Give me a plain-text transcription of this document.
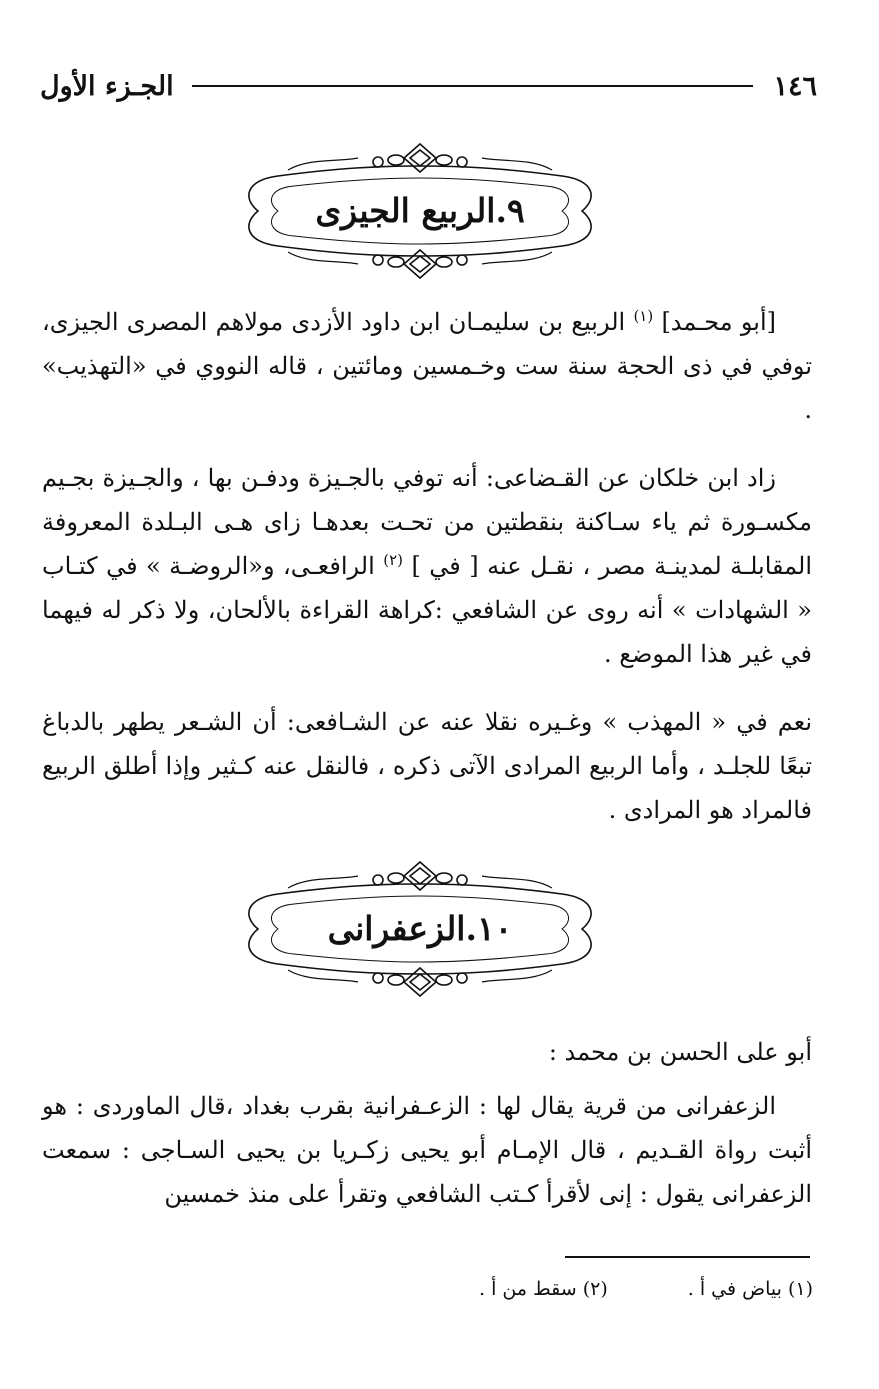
١٤٦
الجـزء الأول
٩.الربيع الجيزى

[أبو محـمد] $^{(١)}$ الربيع بن سليمـان ابن داود الأزدى مولاهم المصرى الجيزى، توفي في ذى الحجة سنة ست وخـمسين ومائتين ، قاله النووي في «التهذيب» .

زاد ابن خلكان عن القـضاعى: أنه توفي بالجـيزة ودفـن بها ، والجـيزة بجـيم مكسـورة ثم ياء سـاكنة بنقطتين من تحـت بعدهـا زاى هـى البـلدة المعروفة المقابلـة لمدينـة مصر ، نقـل عنه [ في ] $^{(٢)}$ الرافعـى، و«الروضـة » في كتـاب « الشهادات » أنه روى عن الشافعي :كراهة القراءة بالألحان، ولا ذكر له فيهما في غير هذا الموضع .

نعم في « المهذب » وغـيره نقلا عنه عن الشـافعى: أن الشـعر يطهر بالدباغ تبعًا للجلـد ، وأما الربيع المرادى الآتى ذكره ، فالنقل عنه كـثير وإذا أطلق الربيع فالمراد هو المرادى .

١٠.الزعفرانى

أبو على الحسن بن محمد :

الزعفرانى من قرية يقال لها : الزعـفرانية بقرب بغداد ،قال الماوردى : هو أثبت رواة القـديم ، قال الإمـام أبو يحيى زكـريا بن يحيى السـاجى : سمعت الزعفرانى يقول : إنى لأقرأ كـتب الشافعي وتقرأ على منذ خمسين

(١) بياض في أ .
(٢) سقط من أ .
